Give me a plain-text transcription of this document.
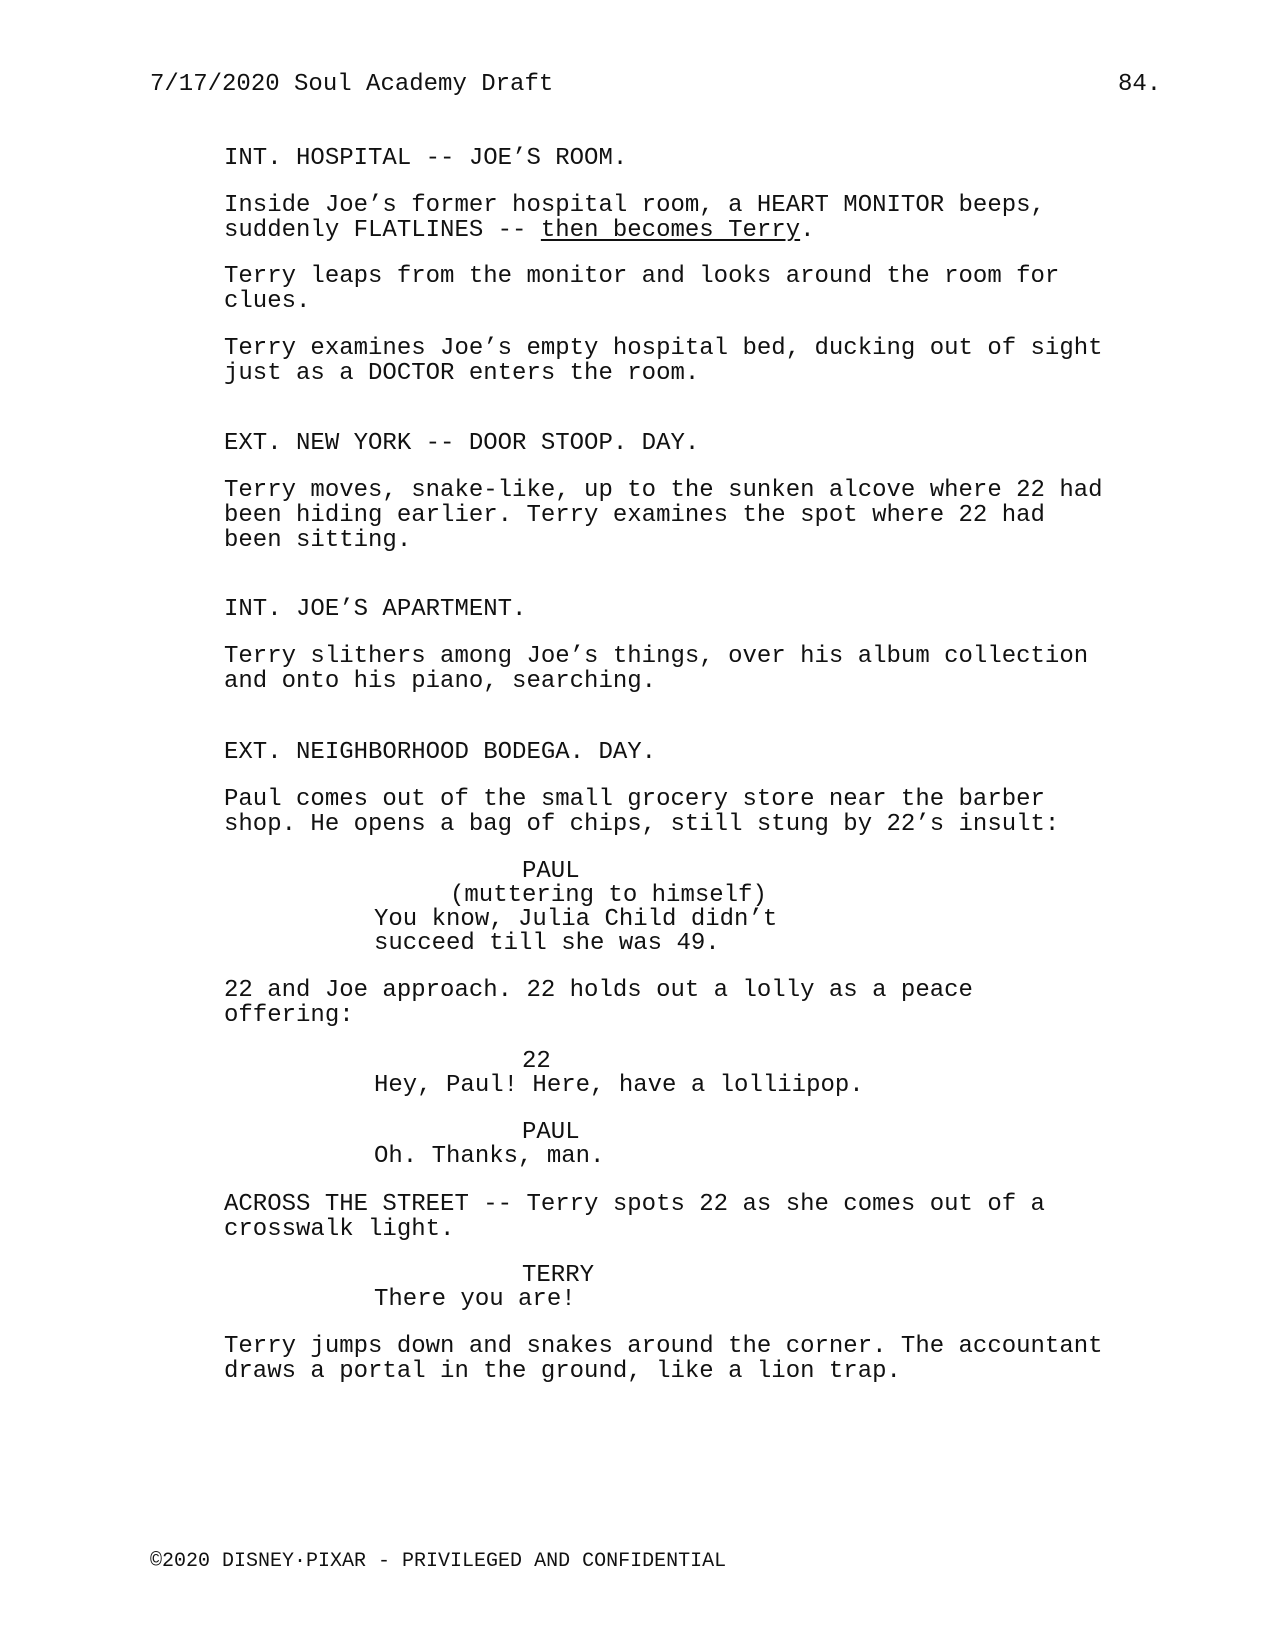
7/17/2020 Soul Academy Draft	84.
INT. HOSPITAL -- JOE’S ROOM.
Inside Joe’s former hospital room, a HEART MONITOR beeps,
suddenly FLATLINES -- then becomes Terry.
Terry leaps from the monitor and looks around the room for
clues.
Terry examines Joe’s empty hospital bed, ducking out of sight
just as a DOCTOR enters the room.
EXT. NEW YORK -- DOOR STOOP. DAY.
Terry moves, snake-like, up to the sunken alcove where 22 had
been hiding earlier. Terry examines the spot where 22 had
been sitting.
INT. JOE’S APARTMENT.
Terry slithers among Joe’s things, over his album collection
and onto his piano, searching.
EXT. NEIGHBORHOOD BODEGA. DAY.
Paul comes out of the small grocery store near the barber
shop. He opens a bag of chips, still stung by 22’s insult:
PAUL
(muttering to himself)
You know, Julia Child didn’t
succeed till she was 49.
22 and Joe approach. 22 holds out a lolly as a peace
offering:
22
Hey, Paul! Here, have a lolliipop.
PAUL
Oh. Thanks, man.
ACROSS THE STREET -- Terry spots 22 as she comes out of a
crosswalk light.
TERRY
There you are!
Terry jumps down and snakes around the corner. The accountant
draws a portal in the ground, like a lion trap.
©2020 DISNEY·PIXAR - PRIVILEGED AND CONFIDENTIAL
